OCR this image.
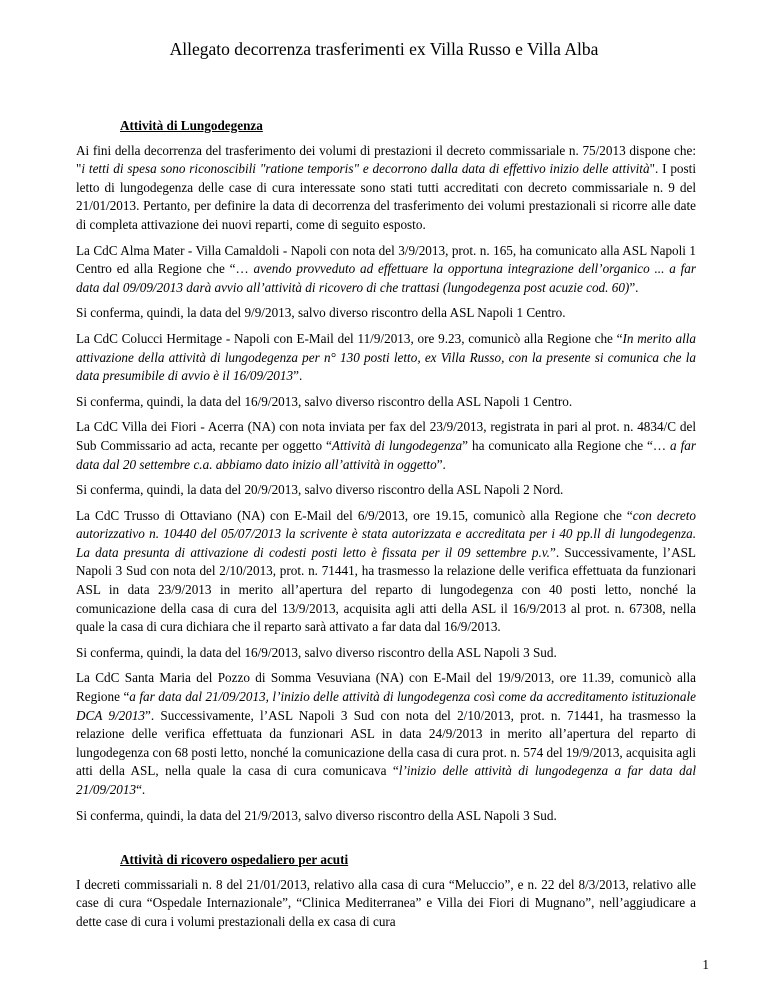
Allegato decorrenza trasferimenti ex Villa Russo e Villa Alba
Attività di Lungodegenza

Ai fini della decorrenza del trasferimento dei volumi di prestazioni il decreto commissariale n. 75/2013 dispone che: "i tetti di spesa sono riconoscibili "ratione temporis" e decorrono dalla data di effettivo inizio delle attività". I posti letto di lungodegenza delle case di cura interessate sono stati tutti accreditati con decreto commissariale n. 9 del 21/01/2013. Pertanto, per definire la data di decorrenza del trasferimento dei volumi prestazionali si ricorre alle date di completa attivazione dei nuovi reparti, come di seguito esposto.

La CdC Alma Mater - Villa Camaldoli - Napoli con nota del 3/9/2013, prot. n. 165, ha comunicato alla ASL Napoli 1 Centro ed alla Regione che “… avendo provveduto ad effettuare la opportuna integrazione dell’organico ... a far data dal 09/09/2013 darà avvio all’attività di ricovero di che trattasi (lungodegenza post acuzie cod. 60)”.

Si conferma, quindi, la data del 9/9/2013, salvo diverso riscontro della ASL Napoli 1 Centro.

La CdC Colucci Hermitage - Napoli con E-Mail del 11/9/2013, ore 9.23, comunicò alla Regione che “In merito alla attivazione della attività di lungodegenza per n° 130 posti letto, ex Villa Russo, con la presente si comunica che la data presumibile di avvio è il 16/09/2013”.

Si conferma, quindi, la data del 16/9/2013, salvo diverso riscontro della ASL Napoli 1 Centro.

La CdC Villa dei Fiori - Acerra (NA) con nota inviata per fax del 23/9/2013, registrata in pari al prot. n. 4834/C del Sub Commissario ad acta, recante per oggetto “Attività di lungodegenza” ha comunicato alla Regione che “… a far data dal 20 settembre c.a. abbiamo dato inizio all’attività in oggetto”.

Si conferma, quindi, la data del 20/9/2013, salvo diverso riscontro della ASL Napoli 2 Nord.

La CdC Trusso di Ottaviano (NA) con E-Mail del 6/9/2013, ore 19.15, comunicò alla Regione che “con decreto autorizzativo n. 10440 del 05/07/2013 la scrivente è stata autorizzata e accreditata per i 40 pp.ll di lungodegenza. La data presunta di attivazione di codesti posti letto è fissata per il 09 settembre p.v.”. Successivamente, l’ASL Napoli 3 Sud con nota del 2/10/2013, prot. n. 71441, ha trasmesso la relazione delle verifica effettuata da funzionari ASL in data 23/9/2013 in merito all’apertura del reparto di lungodegenza con 40 posti letto, nonché la comunicazione della casa di cura del 13/9/2013, acquisita agli atti della ASL il 16/9/2013 al prot. n. 67308, nella quale la casa di cura dichiara che il reparto sarà attivato a far data dal 16/9/2013.

Si conferma, quindi, la data del 16/9/2013, salvo diverso riscontro della ASL Napoli 3 Sud.

La CdC Santa Maria del Pozzo di Somma Vesuviana (NA) con E-Mail del 19/9/2013, ore 11.39, comunicò alla Regione “a far data dal 21/09/2013, l’inizio delle attività di lungodegenza così come da accreditamento istituzionale DCA 9/2013”. Successivamente, l’ASL Napoli 3 Sud con nota del 2/10/2013, prot. n. 71441, ha trasmesso la relazione delle verifica effettuata da funzionari ASL in data 24/9/2013 in merito all’apertura del reparto di lungodegenza con 68 posti letto, nonché la comunicazione della casa di cura prot. n. 574 del 19/9/2013, acquisita agli atti della ASL, nella quale la casa di cura comunicava “l’inizio delle attività di lungodegenza a far data dal 21/09/2013“.

Si conferma, quindi, la data del 21/9/2013, salvo diverso riscontro della ASL Napoli 3 Sud.

Attività di ricovero ospedaliero per acuti

I decreti commissariali n. 8 del 21/01/2013, relativo alla casa di cura “Meluccio”, e n. 22 del 8/3/2013, relativo alle case di cura “Ospedale Internazionale”, “Clinica Mediterranea” e Villa dei Fiori di Mugnano”, nell’aggiudicare a dette case di cura i volumi prestazionali della ex casa di cura

1
